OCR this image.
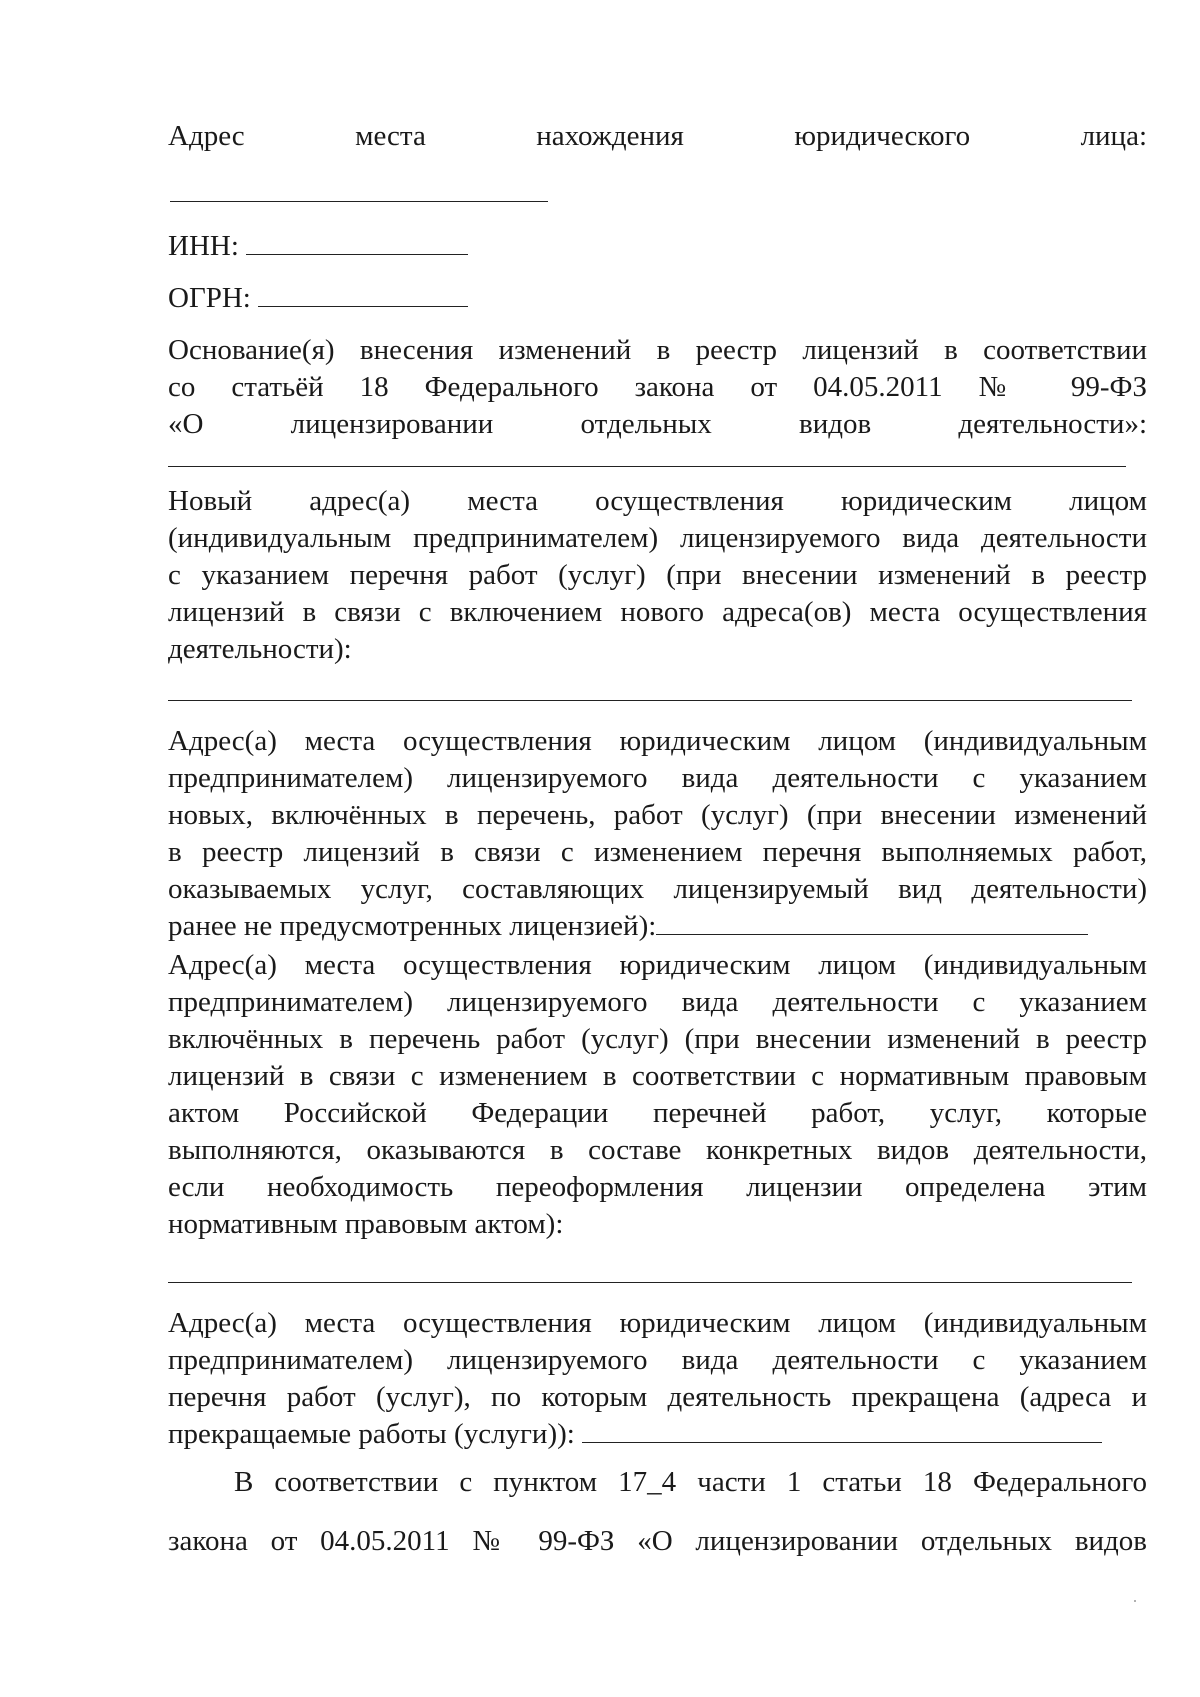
Адрес	места	нахождения	юридического	лица:
ИНН:
ОГРН:
Основание(я) внесения изменений в реестр лицензий в соответствии
со статьёй 18 Федерального закона от 04.05.2011 № 99-ФЗ
«О лицензировании отдельных видов деятельности»:
Новый адрес(а) места осуществления юридическим лицом
(индивидуальным предпринимателем) лицензируемого вида деятельности
с указанием перечня работ (услуг) (при внесении изменений в реестр
лицензий в связи с включением нового адреса(ов) места осуществления
деятельности):
Адрес(а) места осуществления юридическим лицом (индивидуальным
предпринимателем) лицензируемого вида деятельности с указанием
новых, включённых в перечень, работ (услуг) (при внесении изменений
в реестр лицензий в связи с изменением перечня выполняемых работ,
оказываемых услуг, составляющих лицензируемый вид деятельности)
ранее не предусмотренных лицензией):
Адрес(а) места осуществления юридическим лицом (индивидуальным
предпринимателем) лицензируемого вида деятельности с указанием
включённых в перечень работ (услуг) (при внесении изменений в реестр
лицензий в связи с изменением в соответствии с нормативным правовым
актом Российской Федерации перечней работ, услуг, которые
выполняются, оказываются в составе конкретных видов деятельности,
если необходимость переоформления лицензии определена этим
нормативным правовым актом):
Адрес(а) места осуществления юридическим лицом (индивидуальным
предпринимателем) лицензируемого вида деятельности с указанием
перечня работ (услуг), по которым деятельность прекращена (адреса и
прекращаемые работы (услуги)):
В соответствии с пунктом 17_4 части 1 статьи 18 Федерального
закона от 04.05.2011 № 99-ФЗ «О лицензировании отдельных видов
